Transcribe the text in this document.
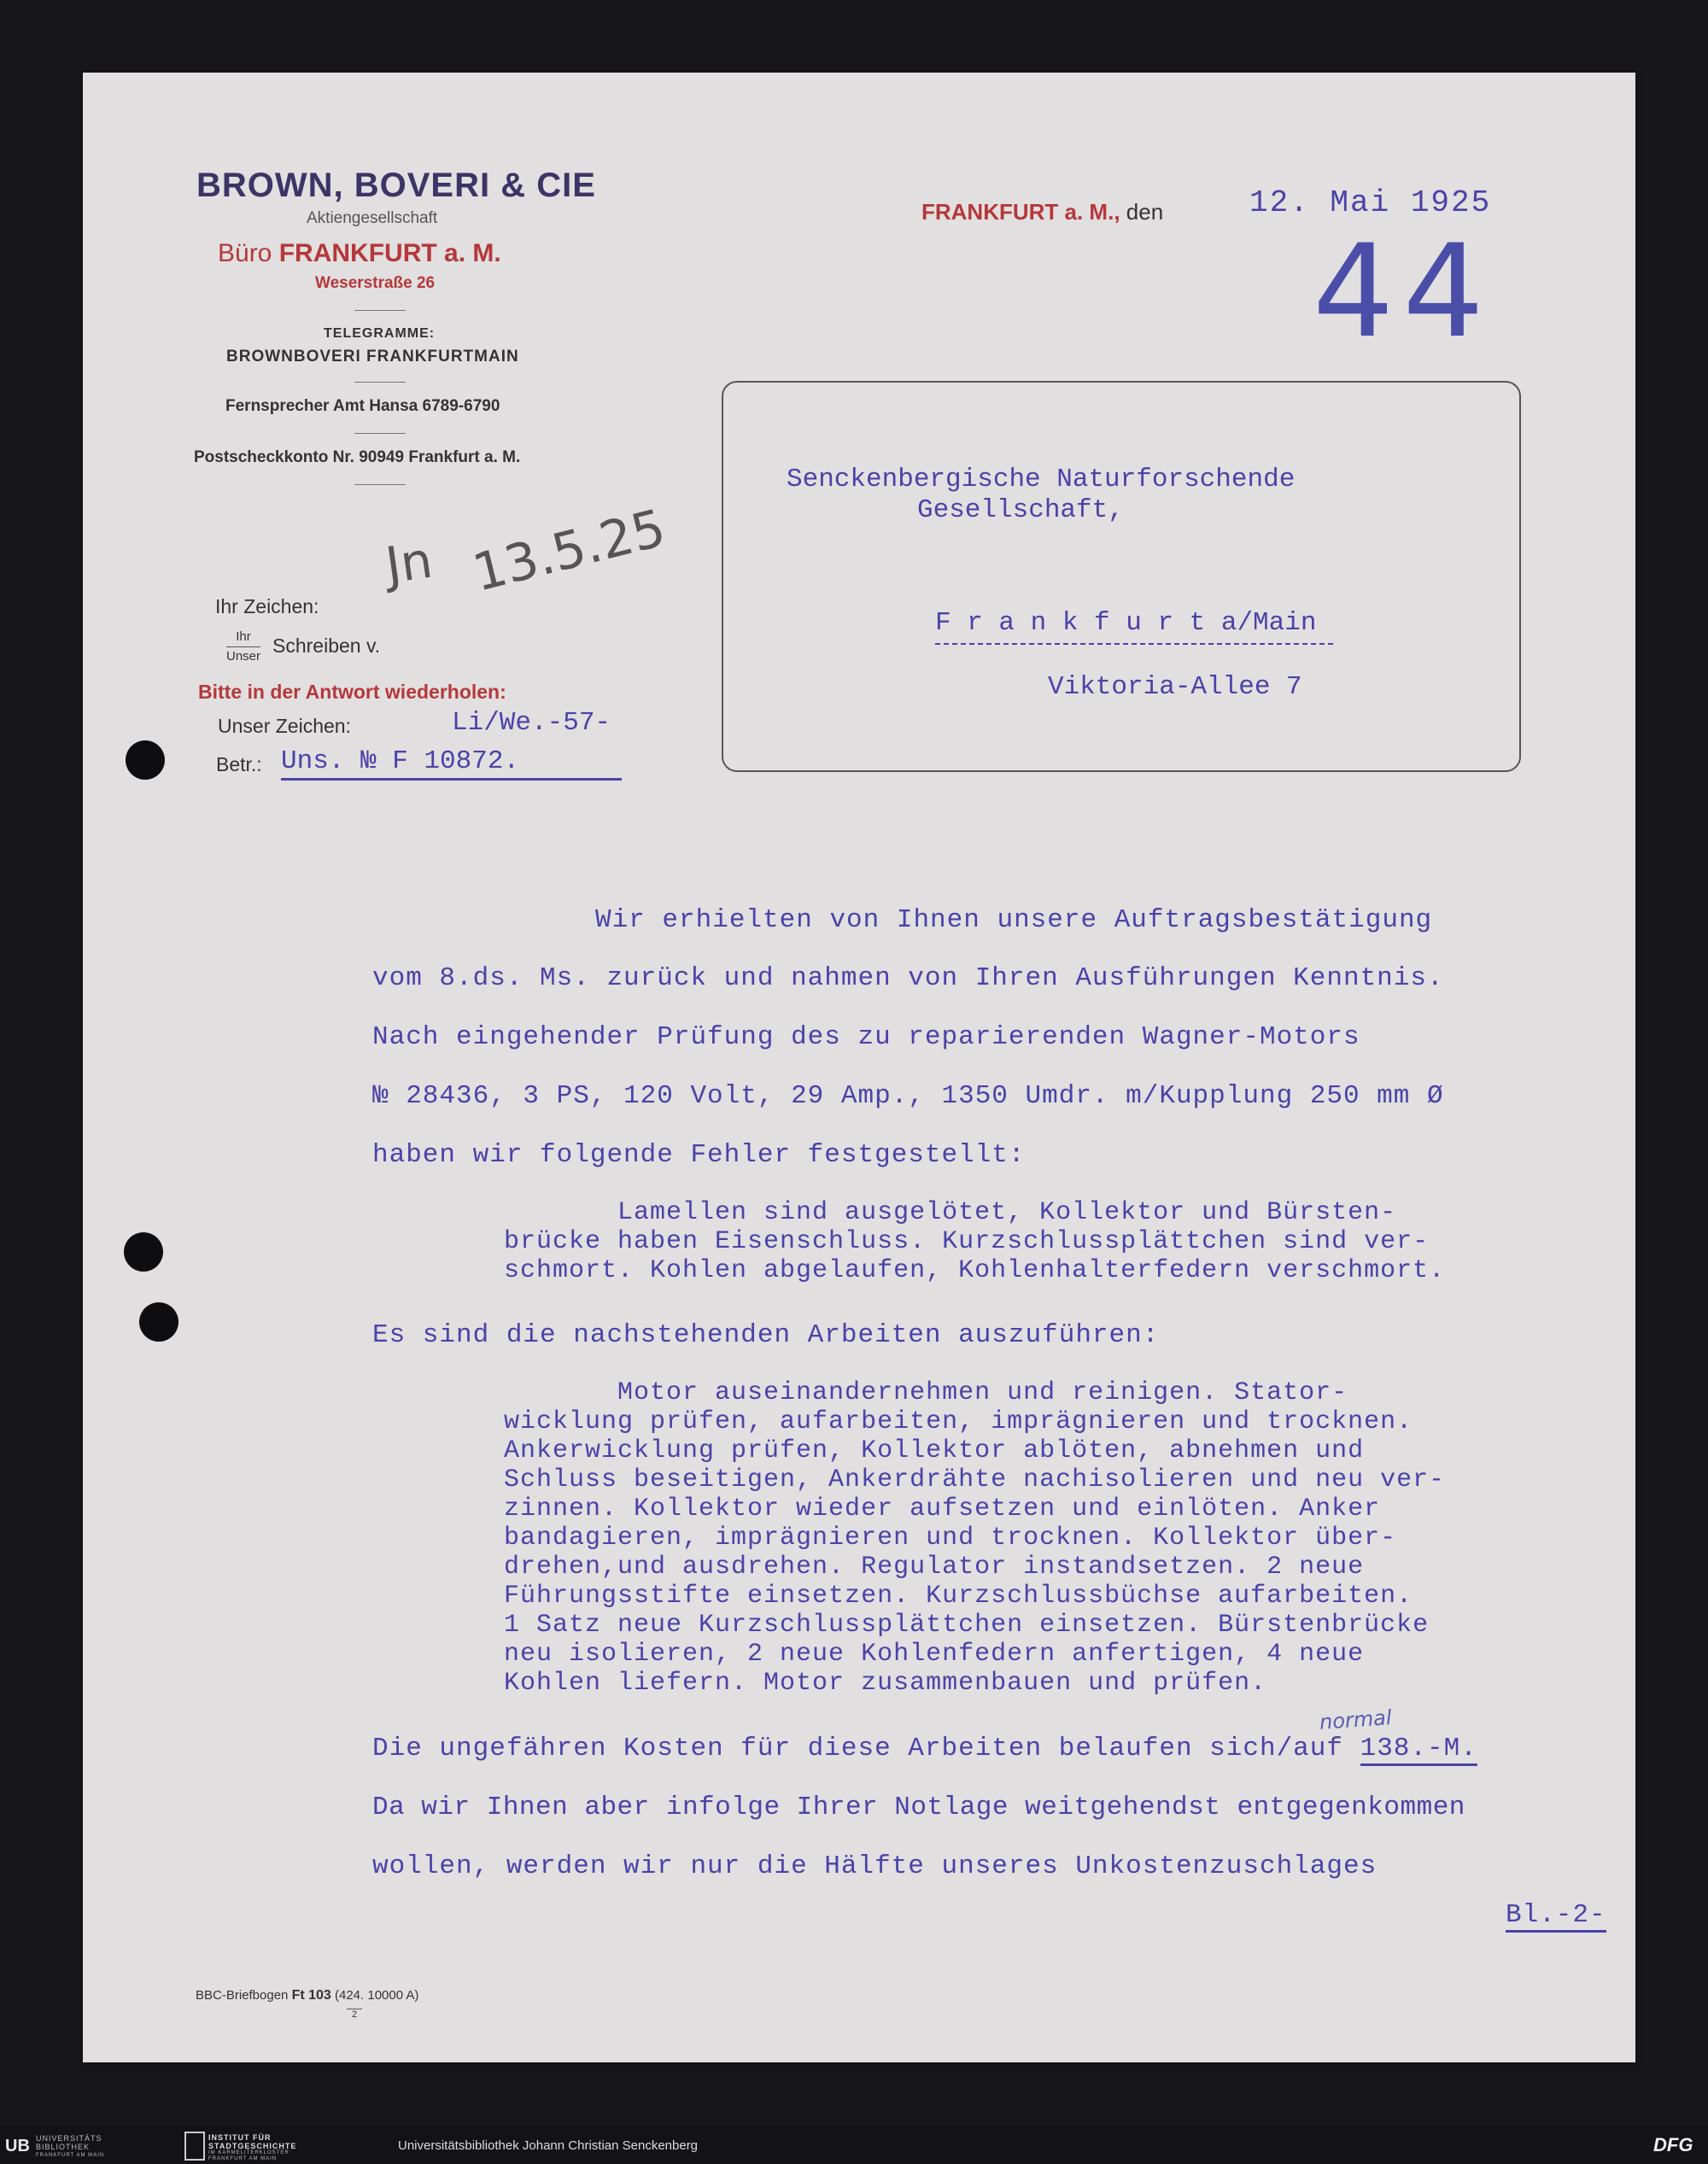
BROWN, BOVERI & CIE
Aktiengesellschaft
Büro FRANKFURT a. M.
Weserstraße 26
TELEGRAMME:
BROWNBOVERI FRANKFURTMAIN
Fernsprecher Amt Hansa 6789-6790
Postscheckkonto Nr. 90949 Frankfurt a. M.
Jn 13.5.25
Ihr Zeichen:
Ihr
Unser Schreiben v.
Bitte in der Antwort wiederholen:
Unser Zeichen:	Li/We.-57-
Betr.: Uns. № F 10872.
FRANKFURT a. M., den	12. Mai 1925
44
Senckenbergische Naturforschende
Gesellschaft,
F r a n k f u r t a/Main
Viktoria-Allee 7
Wir erhielten von Ihnen unsere Auftragsbestätigung
vom 8.ds. Ms. zurück und nahmen von Ihren Ausführungen Kenntnis.
Nach eingehender Prüfung des zu reparierenden Wagner-Motors
№ 28436, 3 PS, 120 Volt, 29 Amp., 1350 Umdr. m/Kupplung 250 mm Ø
haben wir folgende Fehler festgestellt:
Lamellen sind ausgelötet, Kollektor und Bürsten-
brücke haben Eisenschluss. Kurzschlussplättchen sind ver-
schmort. Kohlen abgelaufen, Kohlenhalterfedern verschmort.
Es sind die nachstehenden Arbeiten auszuführen:
Motor auseinandernehmen und reinigen. Stator-
wicklung prüfen, aufarbeiten, imprägnieren und trocknen.
Ankerwicklung prüfen, Kollektor ablöten, abnehmen und
Schluss beseitigen, Ankerdrähte nachisolieren und neu ver-
zinnen. Kollektor wieder aufsetzen und einlöten. Anker
bandagieren, imprägnieren und trocknen. Kollektor über-
drehen,und ausdrehen. Regulator instandsetzen. 2 neue
Führungsstifte einsetzen. Kurzschlussbüchse aufarbeiten.
1 Satz neue Kurzschlussplättchen einsetzen. Bürstenbrücke
neu isolieren, 2 neue Kohlenfedern anfertigen, 4 neue
Kohlen liefern. Motor zusammenbauen und prüfen.
normal
Die ungefähren Kosten für diese Arbeiten belaufen sich/auf 138.-M.
Da wir Ihnen aber infolge Ihrer Notlage weitgehendst entgegenkommen
wollen, werden wir nur die Hälfte unseres Unkostenzuschlages
Bl.-2-
BBC-Briefbogen Ft 103 (424. 10000 A)
2
UB UNIVERSITÄTS
BIBLIOTHEK
FRANKFURT AM MAIN
INSTITUT FÜR
STADTGESCHICHTE
IM KARMELITERKLOSTER
FRANKFURT AM MAIN
Universitätsbibliothek Johann Christian Senckenberg	DFG
